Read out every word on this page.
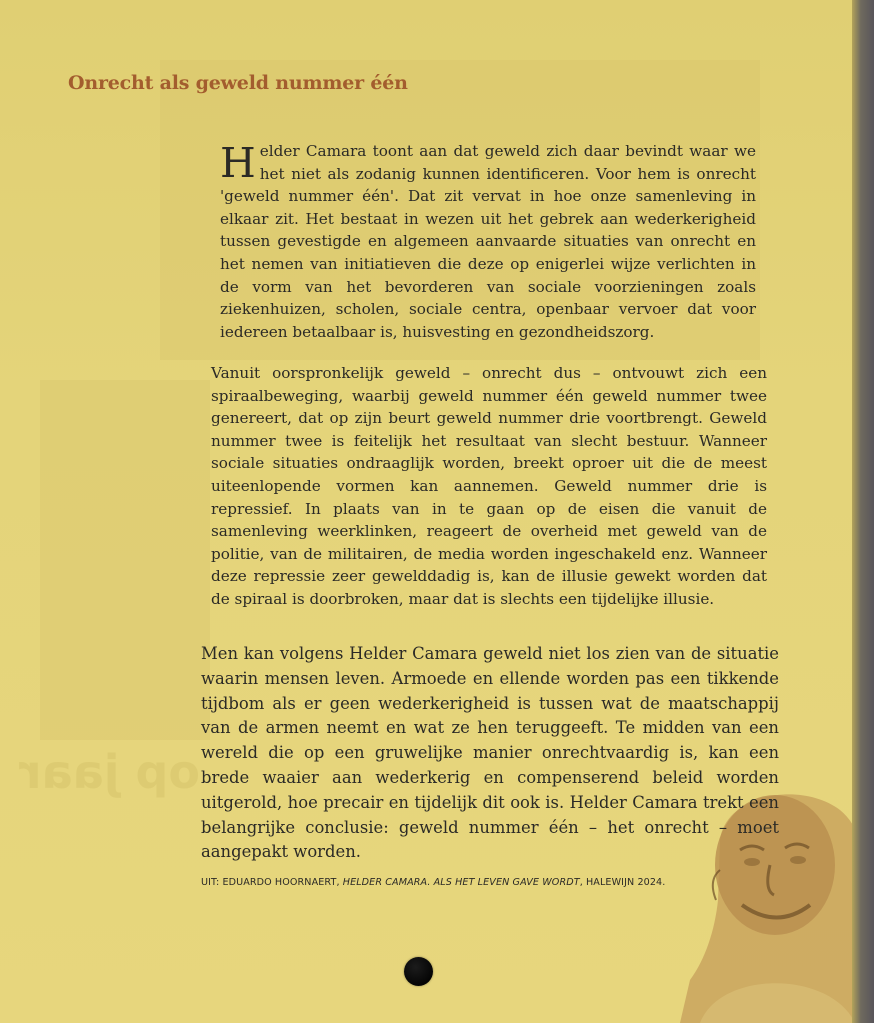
op jaar
Onrecht als geweld nummer één

Helder Camara toont aan dat geweld zich daar bevindt waar we het niet als zodanig kunnen identificeren. Voor hem is onrecht 'geweld nummer één'. Dat zit vervat in hoe onze samenleving in elkaar zit. Het bestaat in wezen uit het gebrek aan wederkerigheid tussen gevestigde en algemeen aanvaarde situaties van onrecht en het nemen van initiatieven die deze op enigerlei wijze verlichten in de vorm van het bevorderen van sociale voorzieningen zoals ziekenhuizen, scholen, sociale centra, openbaar vervoer dat voor iedereen betaalbaar is, huisvesting en gezondheidszorg.

Vanuit oorspronkelijk geweld – onrecht dus – ontvouwt zich een spiraalbeweging, waarbij geweld nummer één geweld nummer twee genereert, dat op zijn beurt geweld nummer drie voortbrengt. Geweld nummer twee is feitelijk het resultaat van slecht bestuur. Wanneer sociale situaties ondraaglijk worden, breekt oproer uit die de meest uiteenlopende vormen kan aannemen. Geweld nummer drie is repressief. In plaats van in te gaan op de eisen die vanuit de samenleving weerklinken, reageert de overheid met geweld van de politie, van de militairen, de media worden ingeschakeld enz. Wanneer deze repressie zeer gewelddadig is, kan de illusie gewekt worden dat de spiraal is doorbroken, maar dat is slechts een tijdelijke illusie.

Men kan volgens Helder Camara geweld niet los zien van de situatie waarin mensen leven. Armoede en ellende worden pas een tikkende tijdbom als er geen wederkerigheid is tussen wat de maatschappij van de armen neemt en wat ze hen teruggeeft. Te midden van een wereld die op een gruwelijke manier onrechtvaardig is, kan een brede waaier aan wederkerig en compenserend beleid worden uitgerold, hoe precair en tijdelijk dit ook is. Helder Camara trekt een belangrijke conclusie: geweld nummer één – het onrecht – moet aangepakt worden.

UIT: EDUARDO HOORNAERT, HELDER CAMARA. ALS HET LEVEN GAVE WORDT, HALEWIJN 2024.
